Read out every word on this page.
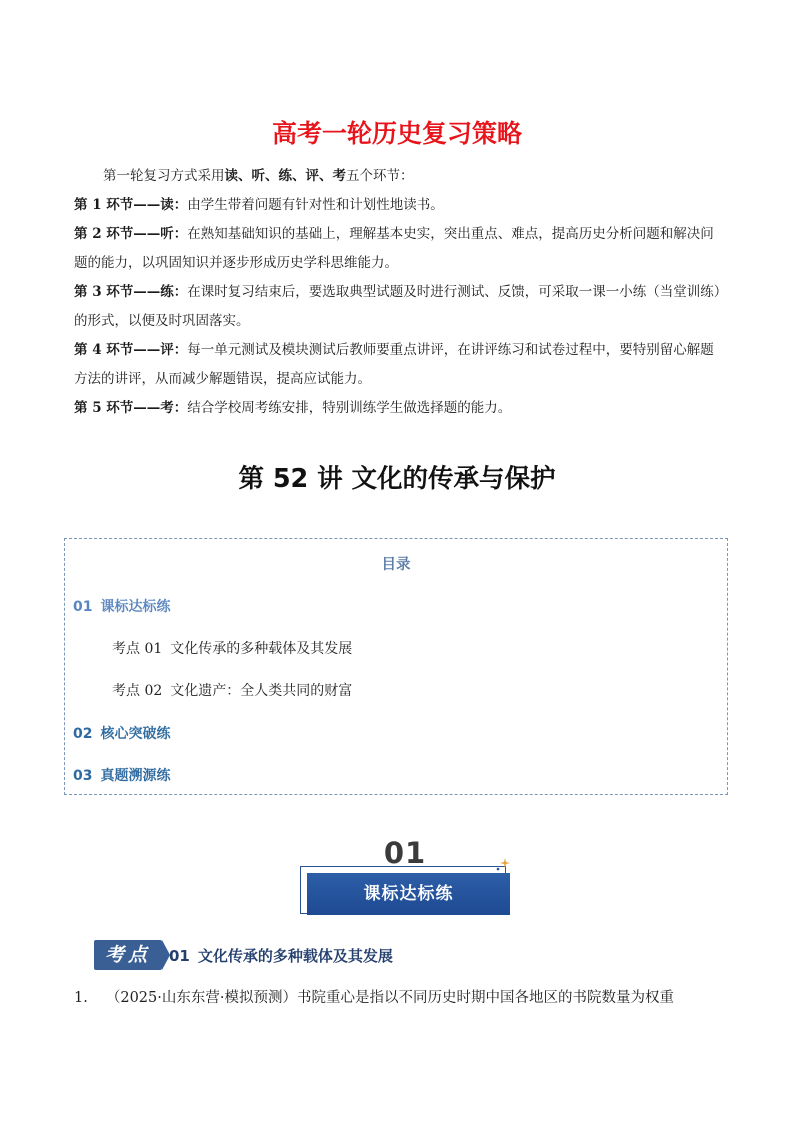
高考一轮历史复习策略

第一轮复习方式采用读、听、练、评、考五个环节：

第 1 环节——读：由学生带着问题有针对性和计划性地读书。

第 2 环节——听：在熟知基础知识的基础上，理解基本史实，突出重点、难点，提高历史分析问题和解决问题的能力，以巩固知识并逐步形成历史学科思维能力。

第 3 环节——练：在课时复习结束后，要选取典型试题及时进行测试、反馈，可采取一课一小练（当堂训练）的形式，以便及时巩固落实。

第 4 环节——评：每一单元测试及模块测试后教师要重点讲评，在讲评练习和试卷过程中，要特别留心解题方法的讲评，从而减少解题错误，提高应试能力。

第 5 环节——考：结合学校周考练安排，特别训练学生做选择题的能力。

第 52 讲 文化的传承与保护
目录
01 课标达标练
考点 01 文化传承的多种载体及其发展
考点 02 文化遗产：全人类共同的财富
02 核心突破练
03 真题溯源练
01
课标达标练
考点	01 文化传承的多种载体及其发展
1. （2025·山东东营·模拟预测）书院重心是指以不同历史时期中国各地区的书院数量为权重
